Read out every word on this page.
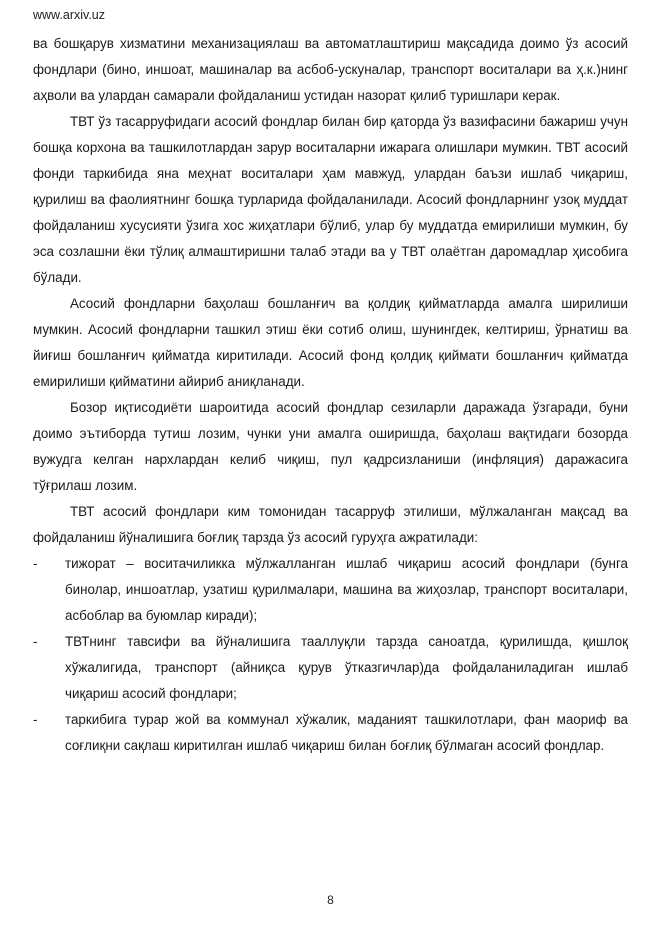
www.arxiv.uz

ва бошқарув хизматини механизациялаш ва автоматлаштириш мақсадида доимо ўз асосий фондлари (бино, иншоат, машиналар ва асбоб-ускуналар, транспорт воситалари ва ҳ.к.)нинг аҳволи ва улардан самарали фойдаланиш устидан назорат қилиб туришлари керак.

ТВТ ўз тасарруфидаги асосий фондлар билан бир қаторда ўз вазифасини бажариш учун бошқа корхона ва ташкилотлардан зарур воситаларни ижарага олишлари мумкин. ТВТ асосий фонди таркибида яна меҳнат воситалари ҳам мавжуд, улардан баъзи ишлаб чиқариш, қурилиш ва фаолиятнинг бошқа турларида фойдаланилади. Асосий фондларнинг узоқ муддат фойдаланиш хусусияти ўзига хос жиҳатлари бўлиб, улар бу муддатда емирилиши мумкин, бу эса созлашни ёки тўлиқ алмаштиришни талаб этади ва у ТВТ олаётган даромадлар ҳисобига бўлади.

Асосий фондларни баҳолаш бошланғич ва қолдиқ қийматларда амалга ширилиши мумкин. Асосий фондларни ташкил этиш ёки сотиб олиш, шунингдек, келтириш, ўрнатиш ва йиғиш бошланғич қийматда киритилади. Асосий фонд қолдиқ қиймати бошланғич қийматда емирилиши қийматини айириб аниқланади.

Бозор иқтисодиёти шароитида асосий фондлар сезиларли даражада ўзгаради, буни доимо эътиборда тутиш лозим, чунки уни амалга оширишда, баҳолаш вақтидаги бозорда вужудга келган нархлардан келиб чиқиш, пул қадрсизланиши (инфляция) даражасига тўғрилаш лозим.

ТВТ асосий фондлари ким томонидан тасарруф этилиши, мўлжаланган мақсад ва фойдаланиш йўналишига боғлиқ тарзда ўз асосий гуруҳга ажратилади:

- тижорат – воситачиликка мўлжалланган ишлаб чиқариш асосий фондлари (бунга бинолар, иншоатлар, узатиш қурилмалари, машина ва жиҳозлар, транспорт воситалари, асбоблар ва буюмлар киради);
- ТВТнинг тавсифи ва йўналишига тааллуқли тарзда саноатда, қурилишда, қишлоқ хўжалигида, транспорт (айниқса қурув ўтказгичлар)да фойдаланиладиган ишлаб чиқариш асосий фондлари;
- таркибига турар жой ва коммунал хўжалик, маданият ташкилотлари, фан маориф ва соғлиқни сақлаш киритилган ишлаб чиқариш билан боғлиқ бўлмаган асосий фондлар.
8
